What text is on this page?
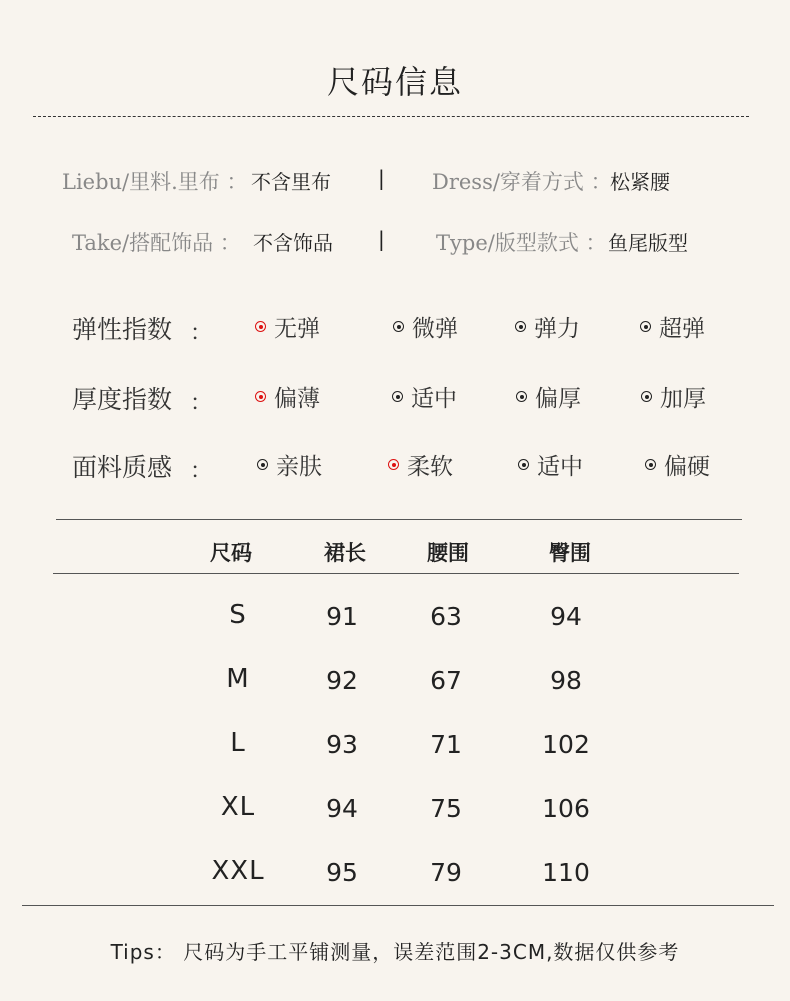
尺码信息
Liebu/里料.里布 ： 不含里布 | Dress/穿着方式 ：
松紧腰
Take/搭配饰品 ： 不含饰品 | Type/版型款式 ： 鱼尾版型
弹性指数 ：	无弹	微弹	弹力	超弹
厚度指数 ：	偏薄	适中	偏厚	加厚
面料质感 ：	亲肤	柔软	适中	偏硬
尺码	裙长	腰围	臀围
S	91	63	94
M	92	67	98
L	93	71	102
XL	94	75	106
XXL 95	79	110
Tips： 尺码为手工平铺测量，误差范围2-3CM,数据仅供参考
